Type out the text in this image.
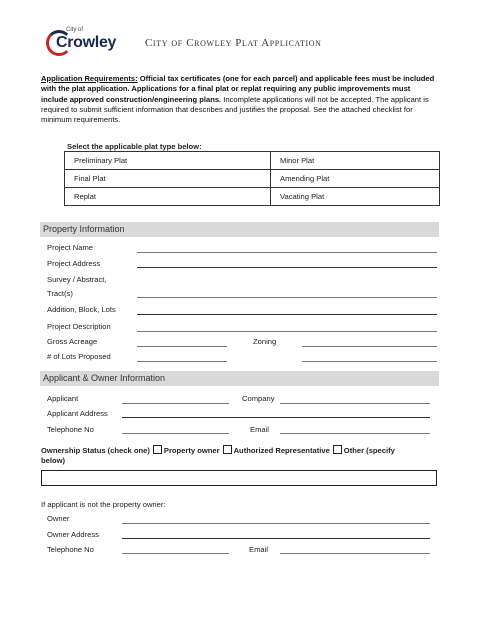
City of
Crowley	City of Crowley Plat Application
Application Requirements: Official tax certificates (one for each parcel) and applicable fees must be included with the plat application. Applications for a final plat or replat requiring any public improvements must include approved construction/engineering plans. Incomplete applications will not be accepted. The applicant is required to submit sufficient information that describes and justifies the proposal. See the attached checklist for minimum requirements.
Select the applicable plat type below:
Preliminary Plat	Minor Plat
Final Plat	Amending Plat
Replat	Vacating Plat
Property Information
Project Name
Project Address
Survey / Abstract,
Tract(s)
Addition, Block, Lots
Project Description
Gross Acreage	Zoning
# of Lots Proposed
Applicant & Owner Information
Applicant	Company
Applicant Address
Telephone No	Email
Ownership Status (check one) Property owner Authorized Representative Other (specify
below)
If applicant is not the property owner:
Owner
Owner Address
Telephone No	Email
